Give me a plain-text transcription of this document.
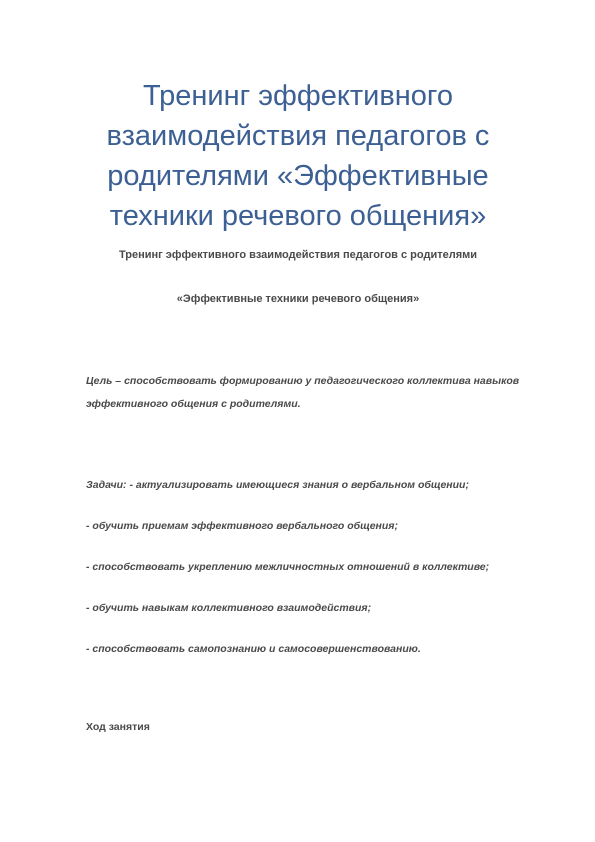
Тренинг эффективного взаимодействия педагогов с родителями «Эффективные техники речевого общения»

Тренинг эффективного взаимодействия педагогов с родителями

«Эффективные техники речевого общения»

Цель – способствовать формированию у педагогического коллектива навыков эффективного общения с родителями.

Задачи: - актуализировать имеющиеся знания о вербальном общении;

- обучить приемам эффективного вербального общения;

- способствовать укреплению межличностных отношений в коллективе;

- обучить навыкам коллективного взаимодействия;

- способствовать самопознанию и самосовершенствованию.

Ход занятия
